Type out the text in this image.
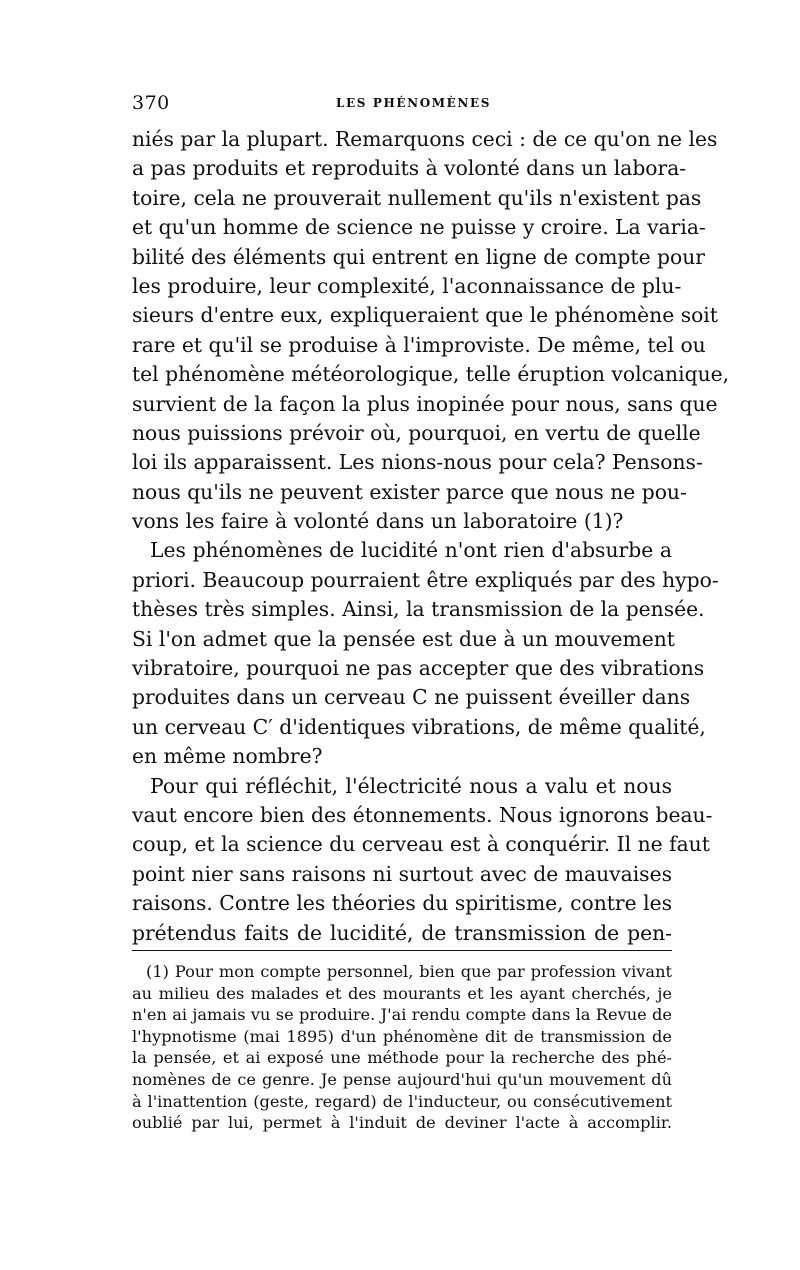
370	LES PHÉNOMÈNES
niés par la plupart. Remarquons ceci : de ce qu'on ne les
a pas produits et reproduits à volonté dans un labora-
toire, cela ne prouverait nullement qu'ils n'existent pas
et qu'un homme de science ne puisse y croire. La varia-
bilité des éléments qui entrent en ligne de compte pour
les produire, leur complexité, l'aconnaissance de plu-
sieurs d'entre eux, expliqueraient que le phénomène soit
rare et qu'il se produise à l'improviste. De même, tel ou
tel phénomène météorologique, telle éruption volcanique,
survient de la façon la plus inopinée pour nous, sans que
nous puissions prévoir où, pourquoi, en vertu de quelle
loi ils apparaissent. Les nions-nous pour cela? Pensons-
nous qu'ils ne peuvent exister parce que nous ne pou-
vons les faire à volonté dans un laboratoire (1)?
Les phénomènes de lucidité n'ont rien d'absurbe a
priori. Beaucoup pourraient être expliqués par des hypo-
thèses très simples. Ainsi, la transmission de la pensée.
Si l'on admet que la pensée est due à un mouvement
vibratoire, pourquoi ne pas accepter que des vibrations
produites dans un cerveau C ne puissent éveiller dans
un cerveau C′ d'identiques vibrations, de même qualité,
en même nombre?
Pour qui réfléchit, l'électricité nous a valu et nous
vaut encore bien des étonnements. Nous ignorons beau-
coup, et la science du cerveau est à conquérir. Il ne faut
point nier sans raisons ni surtout avec de mauvaises
raisons. Contre les théories du spiritisme, contre les
prétendus faits de lucidité, de transmission de pen-
(1) Pour mon compte personnel, bien que par profession vivant
au milieu des malades et des mourants et les ayant cherchés, je
n'en ai jamais vu se produire. J'ai rendu compte dans la Revue de
l'hypnotisme (mai 1895) d'un phénomène dit de transmission de
la pensée, et ai exposé une méthode pour la recherche des phé-
nomènes de ce genre. Je pense aujourd'hui qu'un mouvement dû
à l'inattention (geste, regard) de l'inducteur, ou consécutivement
oublié par lui, permet à l'induit de deviner l'acte à accomplir.
